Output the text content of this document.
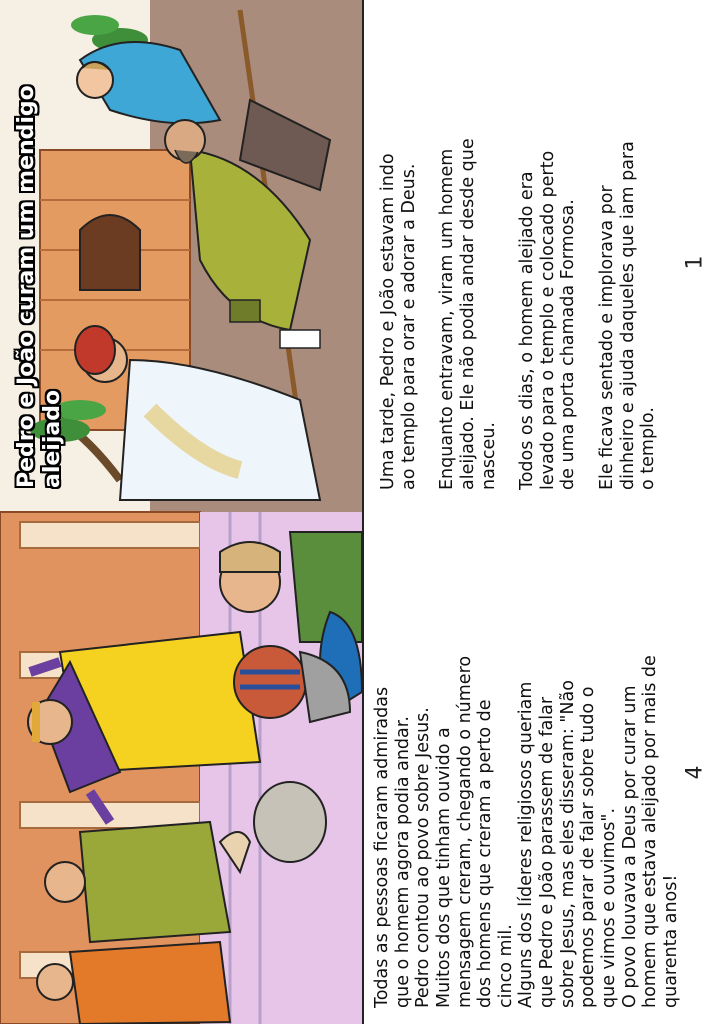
Pedro e João curam um mendigo aleijado	Uma tarde, Pedro e João estavam indo
ao templo para orar e adorar a Deus.

Enquanto entravam, viram um homem
aleijado. Ele não podia andar desde que
nasceu. Todos os dias, o homem aleijado era
levado para o templo e colocado perto
de uma porta chamada Formosa.

Ele ficava sentado e implorava por
dinheiro e ajuda daqueles que iam para
o templo.

1

Todas as pessoas ficaram admiradas
que o homem agora podia andar.
Pedro contou ao povo sobre Jesus.
Muitos dos que tinham ouvido a
mensagem creram, chegando o número
dos homens que creram a perto de
cinco mil.
Alguns dos líderes religiosos queriam
que Pedro e João parassem de falar
sobre Jesus, mas eles disseram: "Não
podemos parar de falar sobre tudo o
que vimos e ouvimos".
O povo louvava a Deus por curar um
homem que estava aleijado por mais de
quarenta anos!

4
